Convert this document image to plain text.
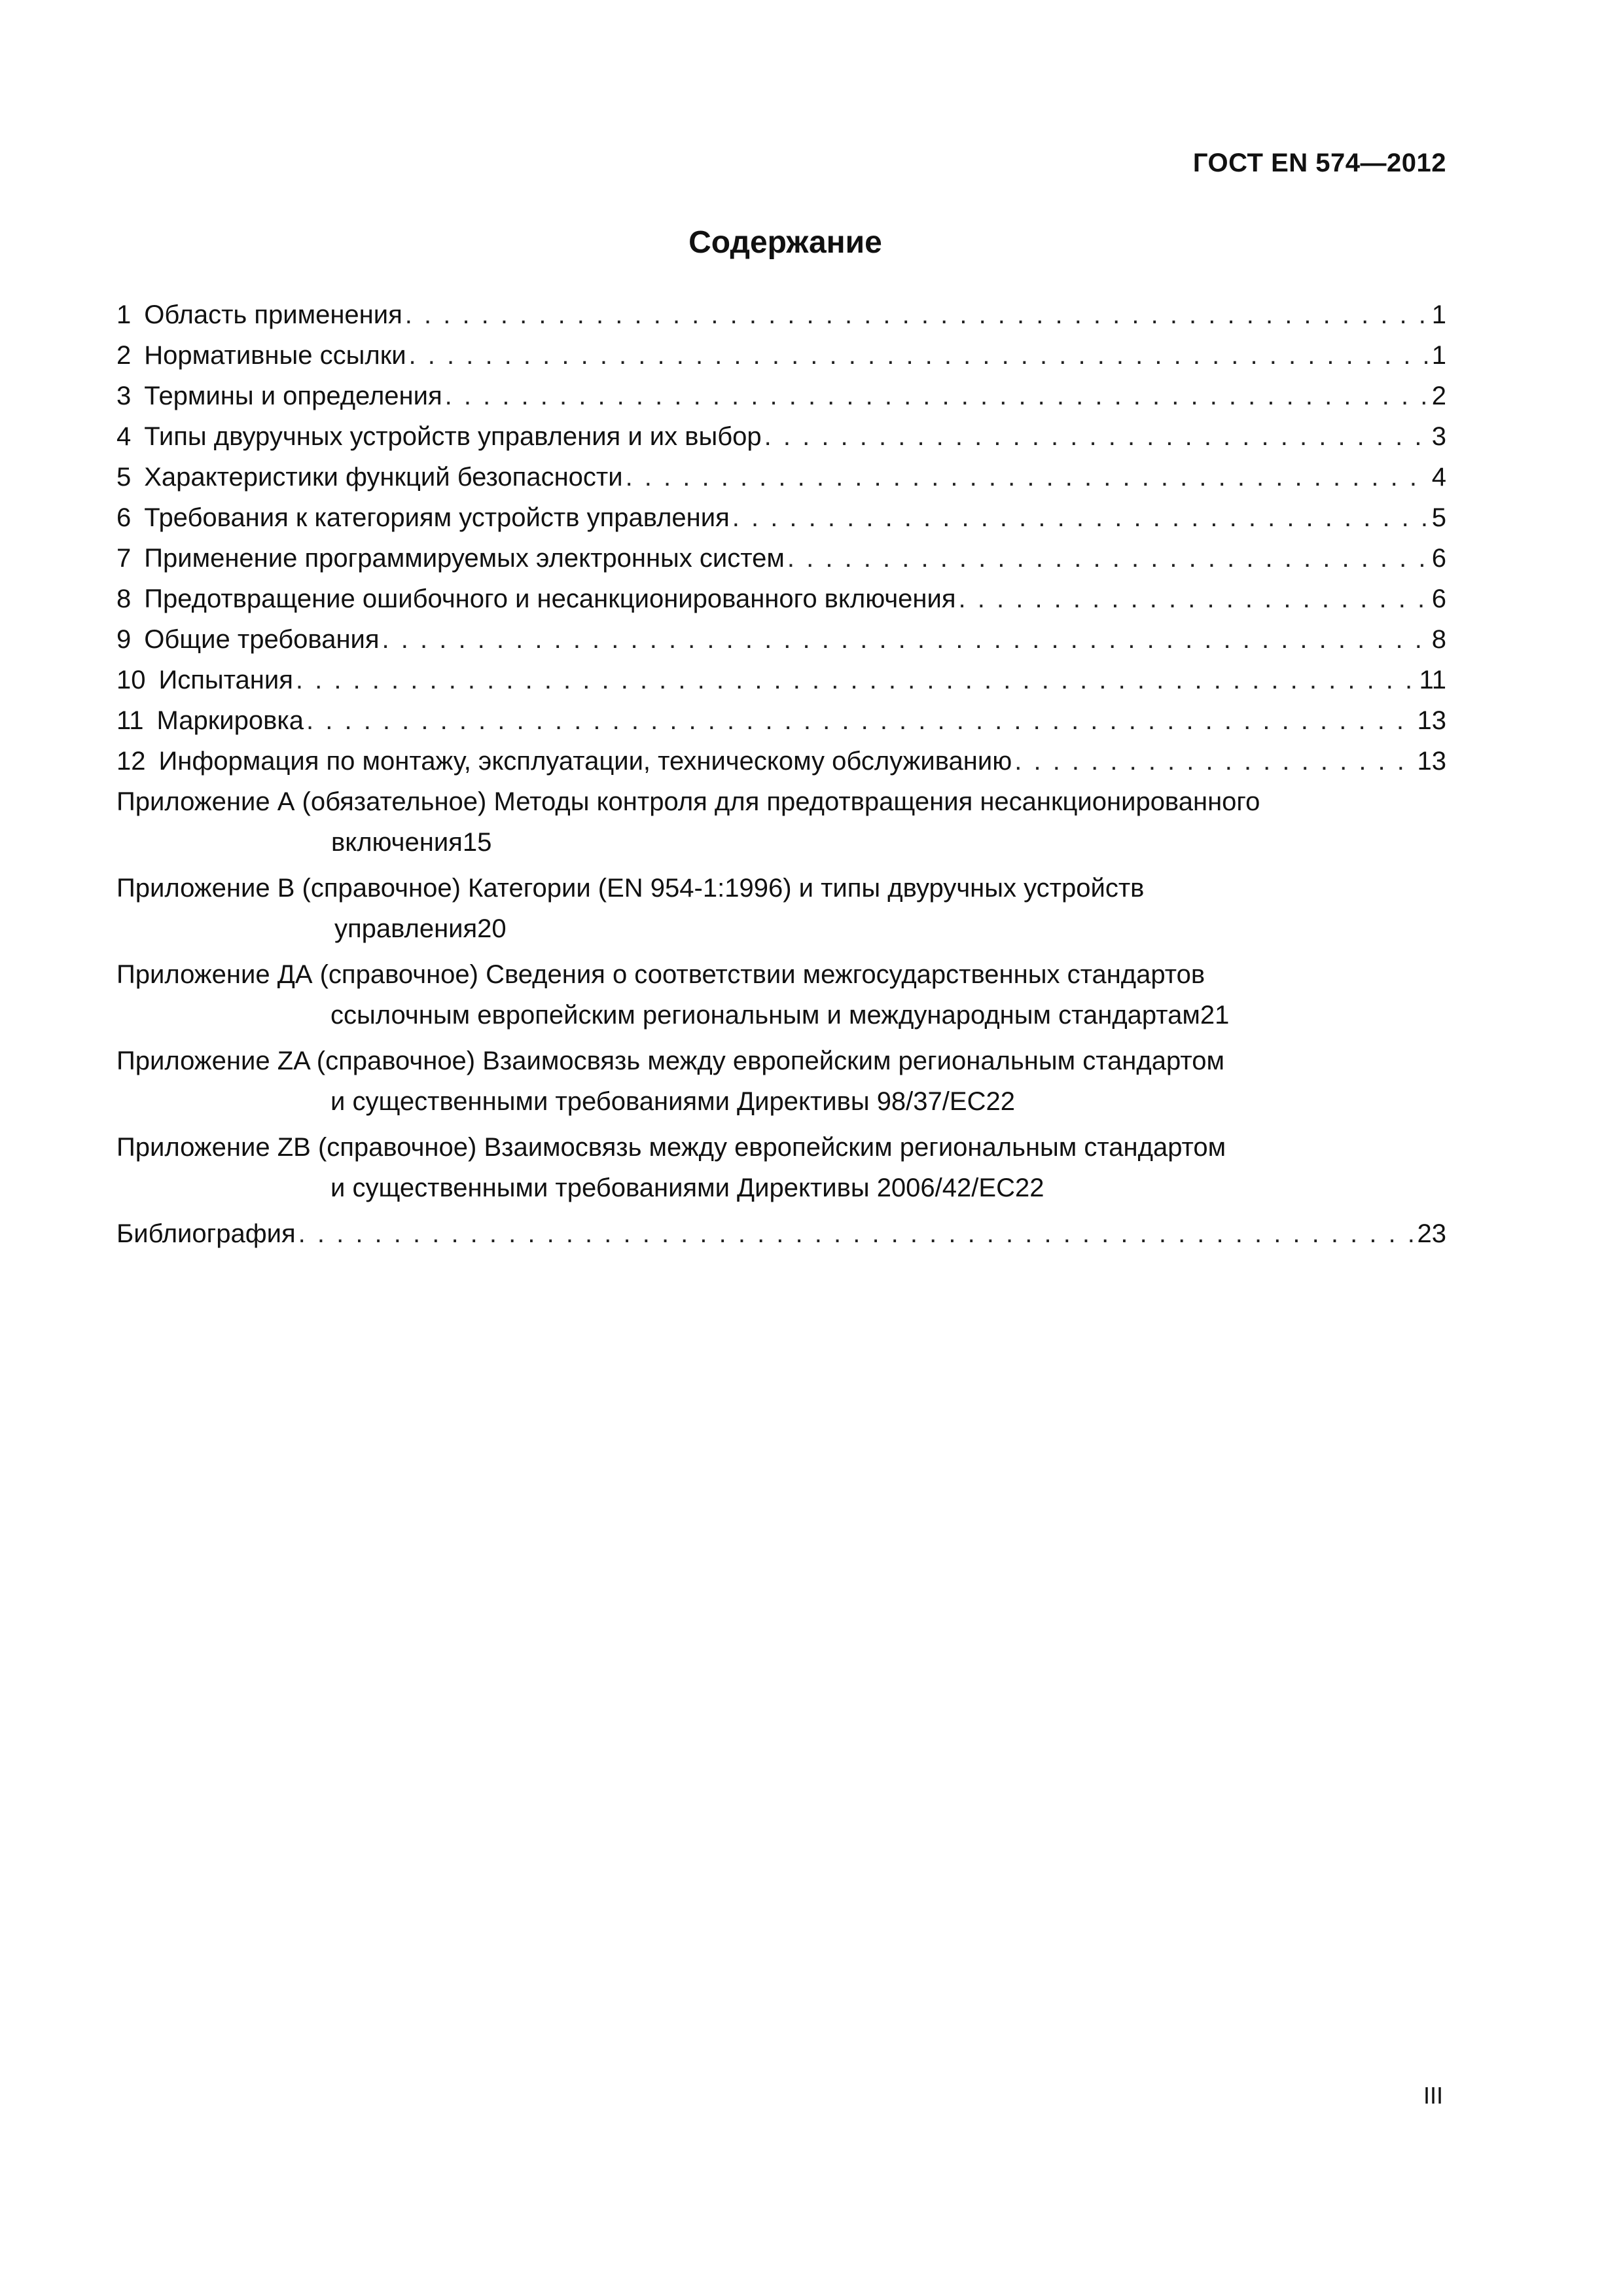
ГОСТ EN 574—2012
Содержание
1 Область применения . . .	1
2 Нормативные ссылки . . .	1
3 Термины и определения . . .	2
4 Типы двуручных устройств управления и их выбор . . .	3
5 Характеристики функций безопасности . . .	4
6 Требования к категориям устройств управления . . .	5
7 Применение программируемых электронных систем . . .	6
8 Предотвращение ошибочного и несанкционированного включения . . .	6
9 Общие требования . . .	8
10 Испытания . . .	11
11 Маркировка . . .	13
12 Информация по монтажу, эксплуатации, техническому обслуживанию . . .	13
Приложение А (обязательное) Методы контроля для предотвращения несанкционированного
включения 15
Приложение В (справочное) Категории (EN 954-1:1996) и типы двуручных устройств
управления 20
Приложение ДА (справочное) Сведения о соответствии межгосударственных стандартов
ссылочным европейским региональным и международным стандартам 21
Приложение ZA (справочное) Взаимосвязь между европейским региональным стандартом
и существенными требованиями Директивы 98/37/ЕС 22
Приложение ZB (справочное) Взаимосвязь между европейским региональным стандартом
и существенными требованиями Директивы 2006/42/ЕС 22
Библиография . . .	23
III
